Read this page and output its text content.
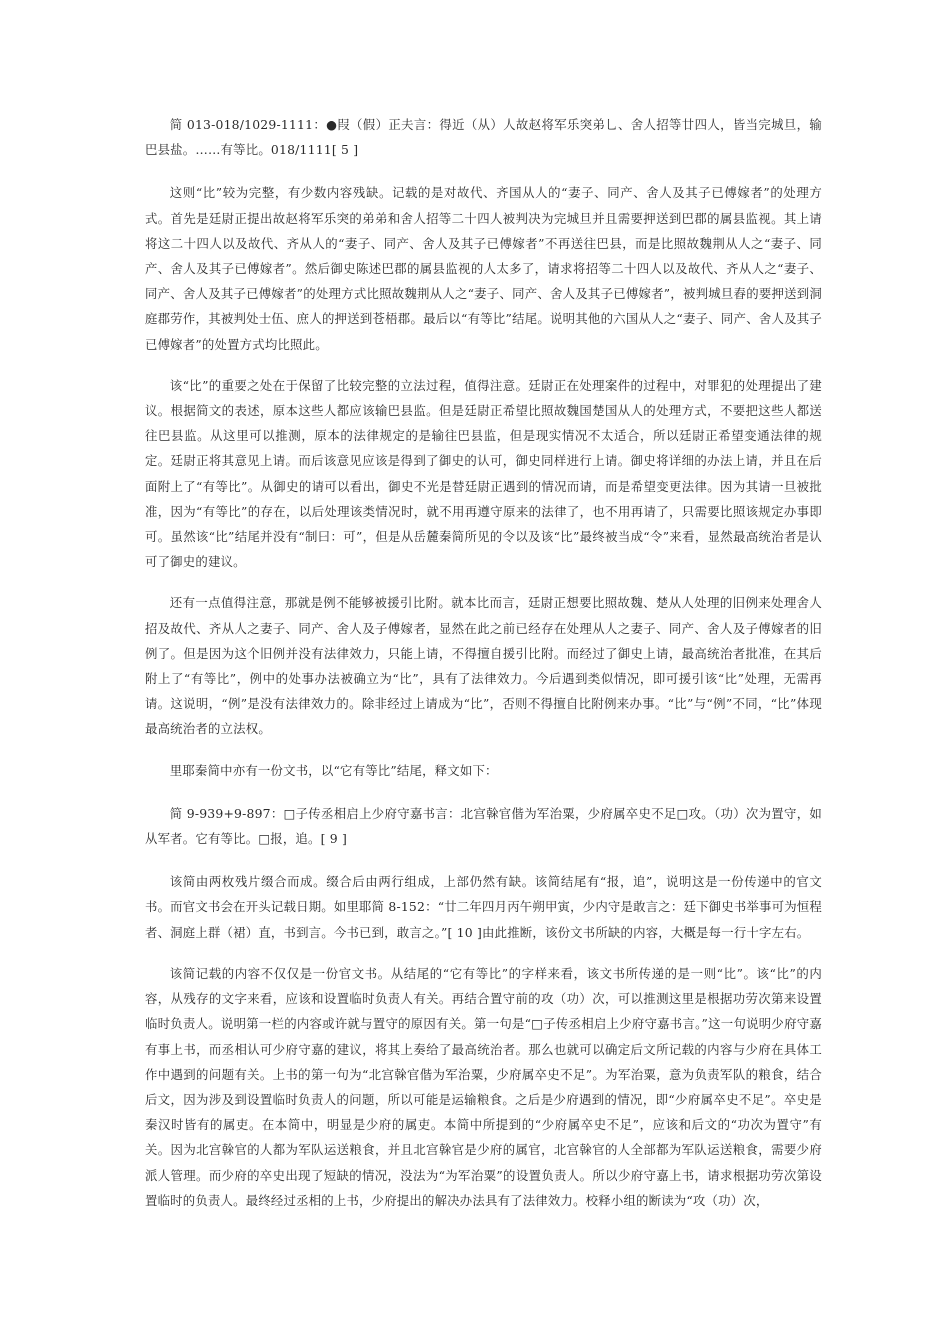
简 013-018/1029-1111：●叚（假）正夫言：得近（从）人故赵将军乐突弟乚、舍人招等廿四人，皆当完城旦，输巴县盐。……有等比。018/1111[ 5 ]

这则“比”较为完整，有少数内容残缺。记载的是对故代、齐国从人的“妻子、同产、舍人及其子已傅嫁者”的处理方式。首先是廷尉正提出故赵将军乐突的弟弟和舍人招等二十四人被判决为完城旦并且需要押送到巴郡的属县监视。其上请将这二十四人以及故代、齐从人的“妻子、同产、舍人及其子已傅嫁者”不再送往巴县，而是比照故魏荆从人之“妻子、同产、舍人及其子已傅嫁者”。然后御史陈述巴郡的属县监视的人太多了，请求将招等二十四人以及故代、齐从人之“妻子、同产、舍人及其子已傅嫁者”的处理方式比照故魏荆从人之“妻子、同产、舍人及其子已傅嫁者”，被判城旦舂的要押送到洞庭郡劳作，其被判处士伍、庶人的押送到苍梧郡。最后以“有等比”结尾。说明其他的六国从人之“妻子、同产、舍人及其子已傅嫁者”的处置方式均比照此。

该“比”的重要之处在于保留了比较完整的立法过程，值得注意。廷尉正在处理案件的过程中，对罪犯的处理提出了建议。根据简文的表述，原本这些人都应该输巴县监。但是廷尉正希望比照故魏国楚国从人的处理方式，不要把这些人都送往巴县监。从这里可以推测，原本的法律规定的是输往巴县监，但是现实情况不太适合，所以廷尉正希望变通法律的规定。廷尉正将其意见上请。而后该意见应该是得到了御史的认可，御史同样进行上请。御史将详细的办法上请，并且在后面附上了“有等比”。从御史的请可以看出，御史不光是替廷尉正遇到的情况而请，而是希望变更法律。因为其请一旦被批准，因为“有等比”的存在，以后处理该类情况时，就不用再遵守原来的法律了，也不用再请了，只需要比照该规定办事即可。虽然该“比”结尾并没有“制曰：可”，但是从岳麓秦简所见的令以及该“比”最终被当成“令”来看，显然最高统治者是认可了御史的建议。

还有一点值得注意，那就是例不能够被援引比附。就本比而言，廷尉正想要比照故魏、楚从人处理的旧例来处理舍人招及故代、齐从人之妻子、同产、舍人及子傅嫁者，显然在此之前已经存在处理从人之妻子、同产、舍人及子傅嫁者的旧例了。但是因为这个旧例并没有法律效力，只能上请，不得擅自援引比附。而经过了御史上请，最高统治者批准，在其后附上了“有等比”，例中的处事办法被确立为“比”，具有了法律效力。今后遇到类似情况，即可援引该“比”处理，无需再请。这说明，“例”是没有法律效力的。除非经过上请成为“比”，否则不得擅自比附例来办事。“比”与“例”不同，“比”体现最高统治者的立法权。

里耶秦简中亦有一份文书，以“它有等比”结尾，释文如下：

简 9-939+9-897：□子传丞相启上少府守嘉书言：北宫榦官偕为军治粟，少府属卒史不足□攻。（功）次为置守，如从军者。它有等比。□报，追。[ 9 ]

该简由两枚残片缀合而成。缀合后由两行组成，上部仍然有缺。该简结尾有“报，追”，说明这是一份传递中的官文书。而官文书会在开头记载日期。如里耶简 8-152：“廿二年四月丙午朔甲寅，少内守是敢言之：廷下御史书举事可为恒程者、洞庭上群（裙）直，书到言。今书已到，敢言之。”[ 10 ]由此推断，该份文书所缺的内容，大概是每一行十字左右。

该简记载的内容不仅仅是一份官文书。从结尾的“它有等比”的字样来看，该文书所传递的是一则“比”。该“比”的内容，从残存的文字来看，应该和设置临时负责人有关。再结合置守前的攻（功）次，可以推测这里是根据功劳次第来设置临时负责人。说明第一栏的内容或许就与置守的原因有关。第一句是“□子传丞相启上少府守嘉书言。”这一句说明少府守嘉有事上书，而丞相认可少府守嘉的建议，将其上奏给了最高统治者。那么也就可以确定后文所记载的内容与少府在具体工作中遇到的问题有关。上书的第一句为“北宫榦官偕为军治粟，少府属卒史不足”。为军治粟，意为负责军队的粮食，结合后文，因为涉及到设置临时负责人的问题，所以可能是运输粮食。之后是少府遇到的情况，即“少府属卒史不足”。卒史是秦汉时皆有的属吏。在本简中，明显是少府的属吏。本简中所提到的“少府属卒史不足”，应该和后文的“功次为置守”有关。因为北宫榦官的人都为军队运送粮食，并且北宫榦官是少府的属官，北宫榦官的人全部都为军队运送粮食，需要少府派人管理。而少府的卒史出现了短缺的情况，没法为“为军治粟”的设置负责人。所以少府守嘉上书，请求根据功劳次第设置临时的负责人。最终经过丞相的上书，少府提出的解决办法具有了法律效力。校释小组的断读为“攻（功）次，
